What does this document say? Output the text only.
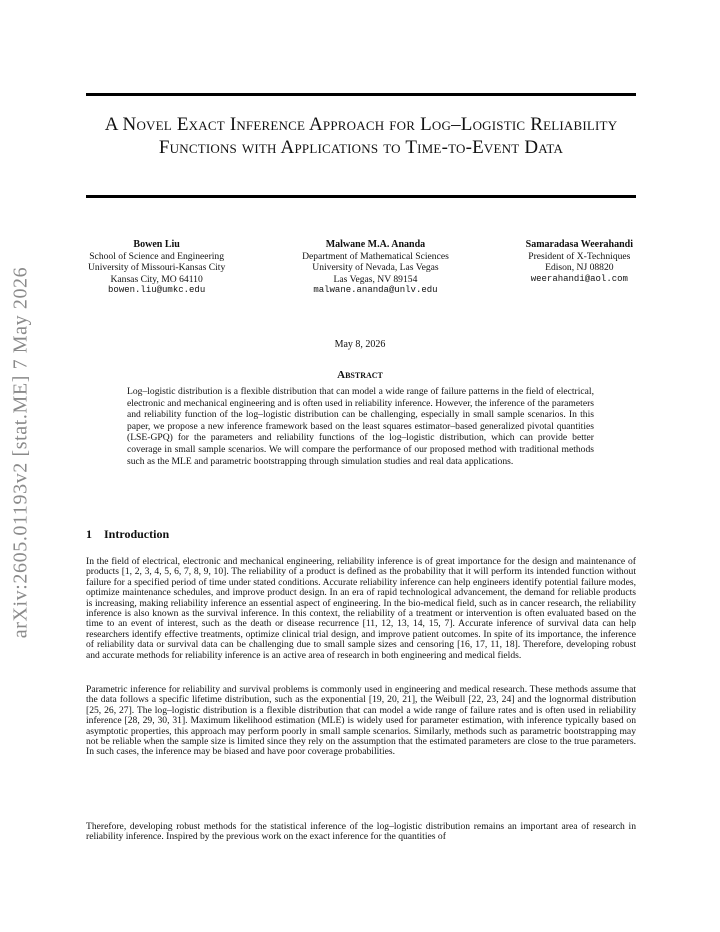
arXiv:2605.01193v2 [stat.ME] 7 May 2026
A Novel Exact Inference Approach for Log–Logistic Reliability Functions with Applications to Time-to-Event Data
Bowen Liu
School of Science and Engineering
University of Missouri-Kansas City
Kansas City, MO 64110
bowen.liu@umkc.edu
Malwane M.A. Ananda
Department of Mathematical Sciences
University of Nevada, Las Vegas
Las Vegas, NV 89154
malwane.ananda@unlv.edu
Samaradasa Weerahandi
President of X-Techniques
Edison, NJ 08820
weerahandi@aol.com
May 8, 2026
Abstract

Log–logistic distribution is a flexible distribution that can model a wide range of failure patterns in the field of electrical, electronic and mechanical engineering and is often used in reliability inference. However, the inference of the parameters and reliability function of the log–logistic distribution can be challenging, especially in small sample scenarios. In this paper, we propose a new inference framework based on the least squares estimator–based generalized pivotal quantities (LSE-GPQ) for the parameters and reliability functions of the log–logistic distribution, which can provide better coverage in small sample scenarios. We will compare the performance of our proposed method with traditional methods such as the MLE and parametric bootstrapping through simulation studies and real data applications.

1 Introduction

In the field of electrical, electronic and mechanical engineering, reliability inference is of great importance for the design and maintenance of products [1, 2, 3, 4, 5, 6, 7, 8, 9, 10]. The reliability of a product is defined as the probability that it will perform its intended function without failure for a specified period of time under stated conditions. Accurate reliability inference can help engineers identify potential failure modes, optimize maintenance schedules, and improve product design. In an era of rapid technological advancement, the demand for reliable products is increasing, making reliability inference an essential aspect of engineering. In the bio-medical field, such as in cancer research, the reliability inference is also known as the survival inference. In this context, the reliability of a treatment or intervention is often evaluated based on the time to an event of interest, such as the death or disease recurrence [11, 12, 13, 14, 15, 7]. Accurate inference of survival data can help researchers identify effective treatments, optimize clinical trial design, and improve patient outcomes. In spite of its importance, the inference of reliability data or survival data can be challenging due to small sample sizes and censoring [16, 17, 11, 18]. Therefore, developing robust and accurate methods for reliability inference is an active area of research in both engineering and medical fields.

Parametric inference for reliability and survival problems is commonly used in engineering and medical research. These methods assume that the data follows a specific lifetime distribution, such as the exponential [19, 20, 21], the Weibull [22, 23, 24] and the lognormal distribution [25, 26, 27]. The log–logistic distribution is a flexible distribution that can model a wide range of failure rates and is often used in reliability inference [28, 29, 30, 31]. Maximum likelihood estimation (MLE) is widely used for parameter estimation, with inference typically based on asymptotic properties, this approach may perform poorly in small sample scenarios. Similarly, methods such as parametric bootstrapping may not be reliable when the sample size is limited since they rely on the assumption that the estimated parameters are close to the true parameters. In such cases, the inference may be biased and have poor coverage probabilities.

Therefore, developing robust methods for the statistical inference of the log–logistic distribution remains an important area of research in reliability inference. Inspired by the previous work on the exact inference for the quantities of
